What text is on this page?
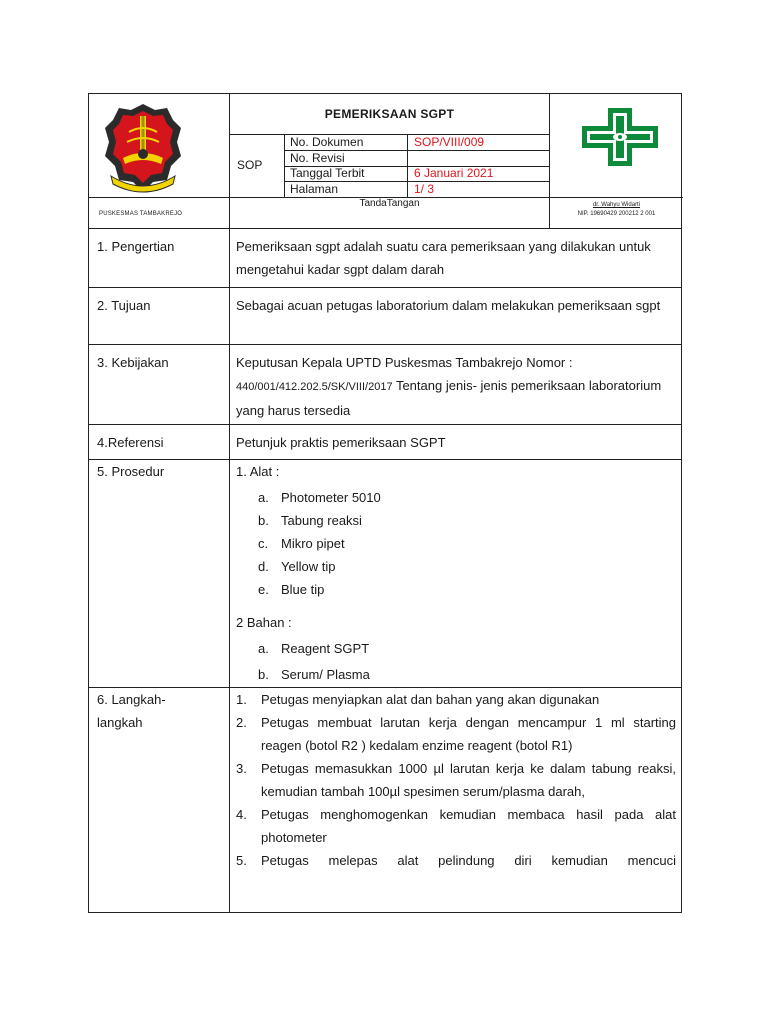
PUSKESMAS TAMBAKREJO
PEMERIKSAAN SGPT
SOP
No. Dokumen	SOP/VIII/009
No. Revisi
Tanggal Terbit	6 Januari 2021
Halaman	1/ 3
TandaTangan	dr. Wahyu Widarti
NIP. 19690429 200212 2 001
1. Pengertian	Pemeriksaan sgpt adalah suatu cara pemeriksaan yang dilakukan untuk mengetahui kadar sgpt dalam darah
2. Tujuan	Sebagai acuan petugas laboratorium dalam melakukan pemeriksaan sgpt
3. Kebijakan	Keputusan Kepala UPTD Puskesmas Tambakrejo Nomor :
440/001/412.202.5/SK/VIII/2017 Tentang jenis- jenis pemeriksaan laboratorium yang harus tersedia
4.Referensi	Petunjuk praktis pemeriksaan SGPT
5. Prosedur	1. Alat :
a. Photometer 5010
b. Tabung reaksi
c. Mikro pipet
d. Yellow tip
e. Blue tip
2 Bahan :
a. Reagent SGPT
b. Serum/ Plasma
6. Langkah-
langkah
1. Petugas menyiapkan alat dan bahan yang akan digunakan
2. Petugas membuat larutan kerja dengan mencampur 1 ml starting reagen (botol R2 ) kedalam enzime reagent (botol R1)
3. Petugas memasukkan 1000 µl larutan kerja ke dalam tabung reaksi, kemudian tambah 100µl spesimen serum/plasma darah,
4. Petugas menghomogenkan kemudian membaca hasil pada alat photometer
5. Petugas melepas alat pelindung diri kemudian mencuci
